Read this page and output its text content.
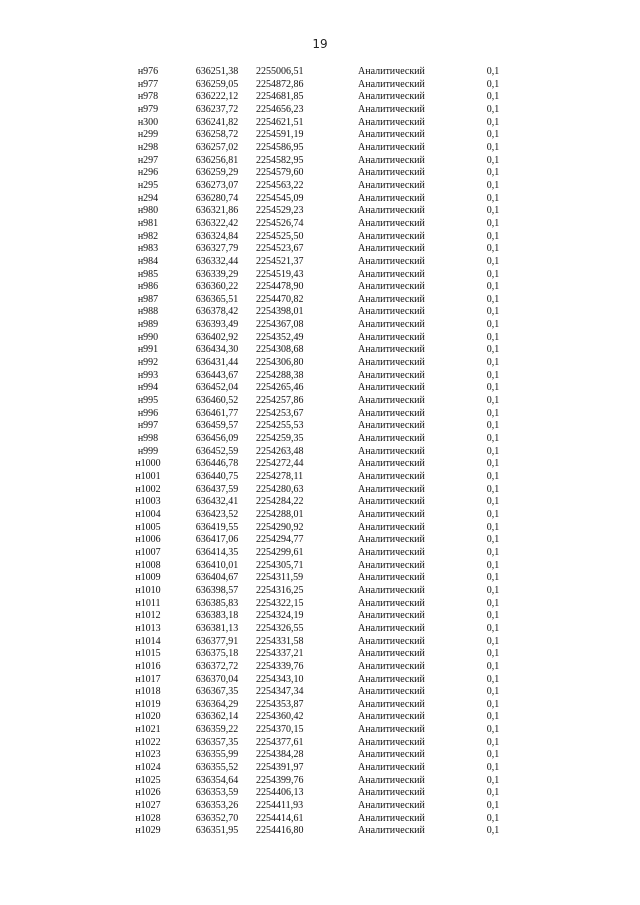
19
н976	636251,38	2255006,51	Аналитический	0,1
н977	636259,05	2254872,86	Аналитический	0,1
н978	636222,12	2254681,85	Аналитический	0,1
н979	636237,72	2254656,23	Аналитический	0,1
н300	636241,82	2254621,51	Аналитический	0,1
н299	636258,72	2254591,19	Аналитический	0,1
н298	636257,02	2254586,95	Аналитический	0,1
н297	636256,81	2254582,95	Аналитический	0,1
н296	636259,29	2254579,60	Аналитический	0,1
н295	636273,07	2254563,22	Аналитический	0,1
н294	636280,74	2254545,09	Аналитический	0,1
н980	636321,86	2254529,23	Аналитический	0,1
н981	636322,42	2254526,74	Аналитический	0,1
н982	636324,84	2254525,50	Аналитический	0,1
н983	636327,79	2254523,67	Аналитический	0,1
н984	636332,44	2254521,37	Аналитический	0,1
н985	636339,29	2254519,43	Аналитический	0,1
н986	636360,22	2254478,90	Аналитический	0,1
н987	636365,51	2254470,82	Аналитический	0,1
н988	636378,42	2254398,01	Аналитический	0,1
н989	636393,49	2254367,08	Аналитический	0,1
н990	636402,92	2254352,49	Аналитический	0,1
н991	636434,30	2254308,68	Аналитический	0,1
н992	636431,44	2254306,80	Аналитический	0,1
н993	636443,67	2254288,38	Аналитический	0,1
н994	636452,04	2254265,46	Аналитический	0,1
н995	636460,52	2254257,86	Аналитический	0,1
н996	636461,77	2254253,67	Аналитический	0,1
н997	636459,57	2254255,53	Аналитический	0,1
н998	636456,09	2254259,35	Аналитический	0,1
н999	636452,59	2254263,48	Аналитический	0,1
н1000	636446,78	2254272,44	Аналитический	0,1
н1001	636440,75	2254278,11	Аналитический	0,1
н1002	636437,59	2254280,63	Аналитический	0,1
н1003	636432,41	2254284,22	Аналитический	0,1
н1004	636423,52	2254288,01	Аналитический	0,1
н1005	636419,55	2254290,92	Аналитический	0,1
н1006	636417,06	2254294,77	Аналитический	0,1
н1007	636414,35	2254299,61	Аналитический	0,1
н1008	636410,01	2254305,71	Аналитический	0,1
н1009	636404,67	2254311,59	Аналитический	0,1
н1010	636398,57	2254316,25	Аналитический	0,1
н1011	636385,83	2254322,15	Аналитический	0,1
н1012	636383,18	2254324,19	Аналитический	0,1
н1013	636381,13	2254326,55	Аналитический	0,1
н1014	636377,91	2254331,58	Аналитический	0,1
н1015	636375,18	2254337,21	Аналитический	0,1
н1016	636372,72	2254339,76	Аналитический	0,1
н1017	636370,04	2254343,10	Аналитический	0,1
н1018	636367,35	2254347,34	Аналитический	0,1
н1019	636364,29	2254353,87	Аналитический	0,1
н1020	636362,14	2254360,42	Аналитический	0,1
н1021	636359,22	2254370,15	Аналитический	0,1
н1022	636357,35	2254377,61	Аналитический	0,1
н1023	636355,99	2254384,28	Аналитический	0,1
н1024	636355,52	2254391,97	Аналитический	0,1
н1025	636354,64	2254399,76	Аналитический	0,1
н1026	636353,59	2254406,13	Аналитический	0,1
н1027	636353,26	2254411,93	Аналитический	0,1
н1028	636352,70	2254414,61	Аналитический	0,1
н1029	636351,95	2254416,80	Аналитический	0,1
